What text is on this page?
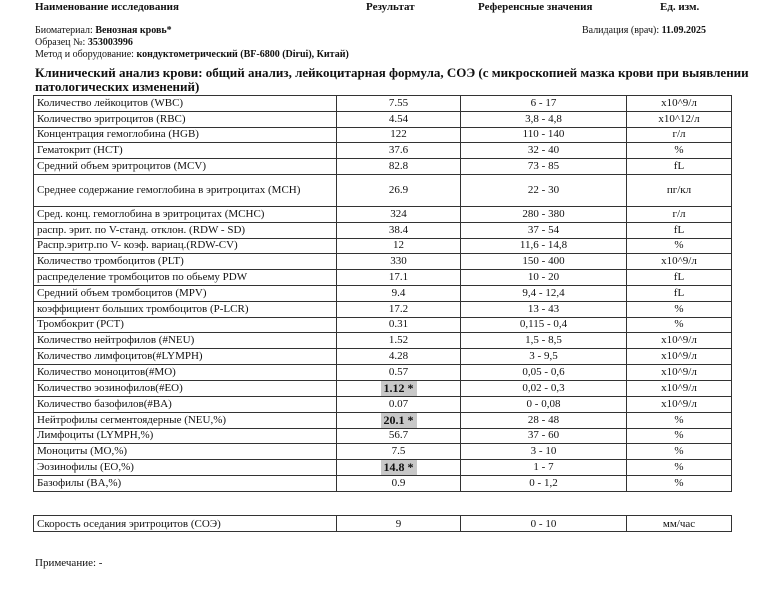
Наименование исследования	Результат	Референсные значения	Ед. изм.
Биоматериал: Венозная кровь*	Валидация (врач): 11.09.2025
Образец №: 353003996
Метод и оборудование: кондуктометрический (BF-6800 (Dirui), Китай)
Клинический анализ крови: общий анализ, лейкоцитарная формула, СОЭ (с микроскопией мазка крови при выявлении патологических изменений)
Количество лейкоцитов (WBC)	7.55	6 - 17	х10^9/л
Количество эритроцитов (RBC)	4.54	3,8 - 4,8	х10^12/л
Концентрация гемоглобина (HGB)	122	110 - 140	г/л
Гематокрит (HCT)	37.6	32 - 40	%
Средний объем эритроцитов (MCV)	82.8	73 - 85	fL
Среднее содержание гемоглобина в эритроцитах (MCH)	26.9	22 - 30	пг/кл
Сред. конц. гемоглобина в эритроцитах (MCHC)	324	280 - 380	г/л
распр. эрит. по V-станд. отклон. (RDW - SD)	38.4	37 - 54	fL
Распр.эритр.по V- коэф. вариац.(RDW-CV)	12	11,6 - 14,8	%
Количество тромбоцитов (PLT)	330	150 - 400	х10^9/л
распределение тромбоцитов по обьему PDW	17.1	10 - 20	fL
Средний объем тромбоцитов (MPV)	9.4	9,4 - 12,4	fL
коэффициент больших тромбоцитов (P-LCR)	17.2	13 - 43	%
Тромбокрит (PCT)	0.31	0,115 - 0,4	%
Количество нейтрофилов (#NEU)	1.52	1,5 - 8,5	х10^9/л
Количество лимфоцитов(#LYMPH)	4.28	3 - 9,5	х10^9/л
Количество моноцитов(#MO)	0.57	0,05 - 0,6	х10^9/л
Количество эозинофилов(#EO)	1.12 *	0,02 - 0,3	х10^9/л
Количество базофилов(#BA)	0.07	0 - 0,08	х10^9/л
Нейтрофилы сегментоядерные (NEU,%)	20.1 *	28 - 48	%
Лимфоциты (LYMPH,%)	56.7	37 - 60	%
Моноциты (MO,%)	7.5	3 - 10	%
Эозинофилы (EO,%)	14.8 *	1 - 7	%
Базофилы (BA,%)	0.9	0 - 1,2	%
Скорость оседания эритроцитов (СОЭ)	9	0 - 10	мм/час
Примечание: -
